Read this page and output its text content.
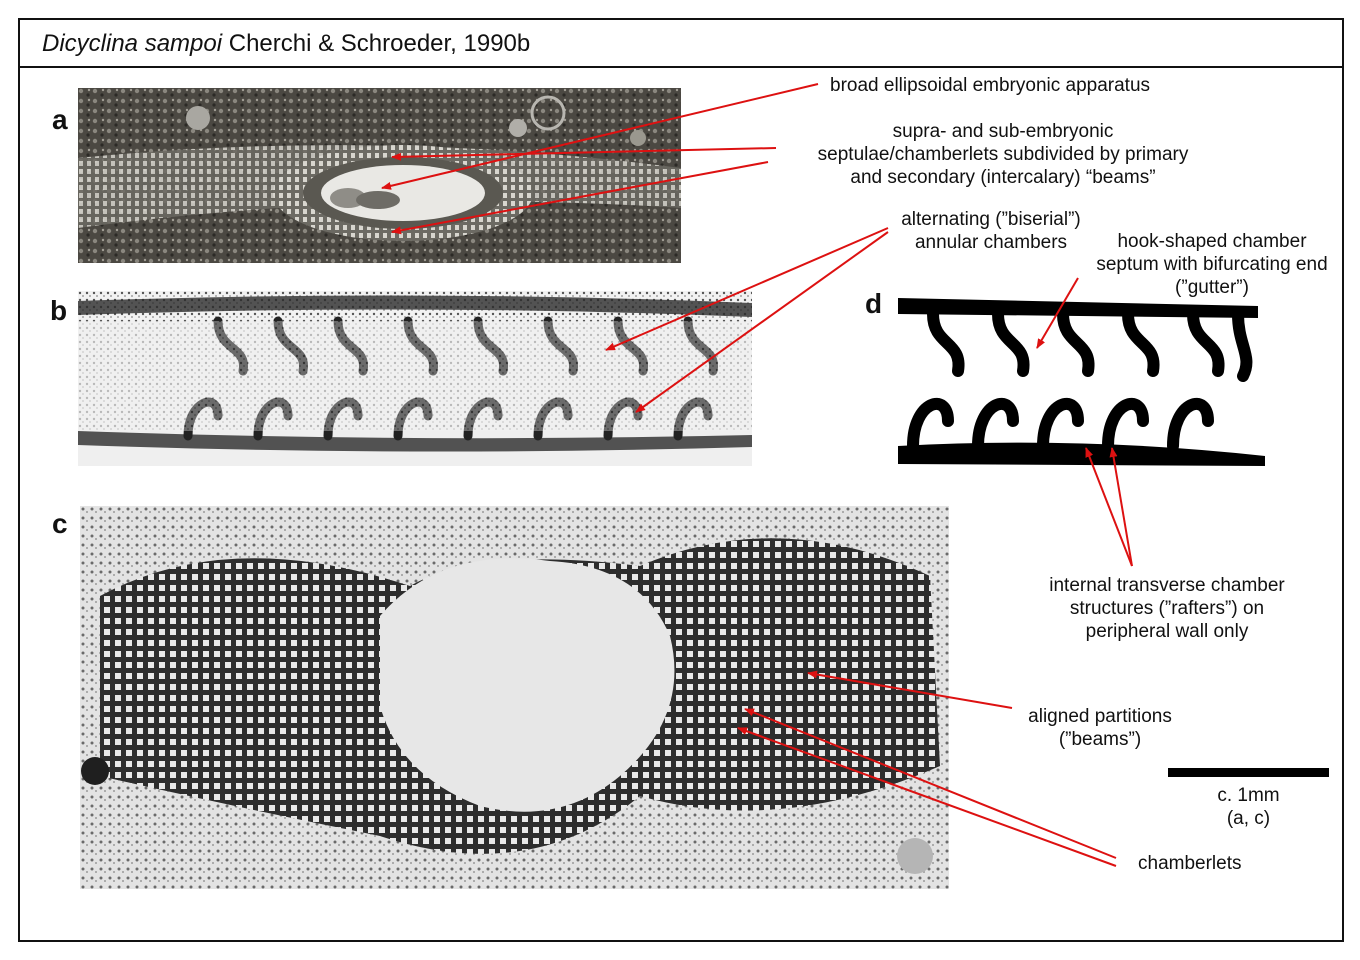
Dicyclina sampoi Cherchi & Schroeder, 1990b
a
b
c
d
broad ellipsoidal embryonic apparatus
supra- and sub-embryonic
septulae/chamberlets subdivided by primary
and secondary (intercalary) “beams”
alternating (”biserial”)
annular chambers	hook-shaped chamber
septum with bifurcating end
(”gutter”)
internal transverse chamber
structures (”rafters”) on
peripheral wall only
aligned partitions
(”beams”)
chamberlets
c. 1mm
(a, c)
